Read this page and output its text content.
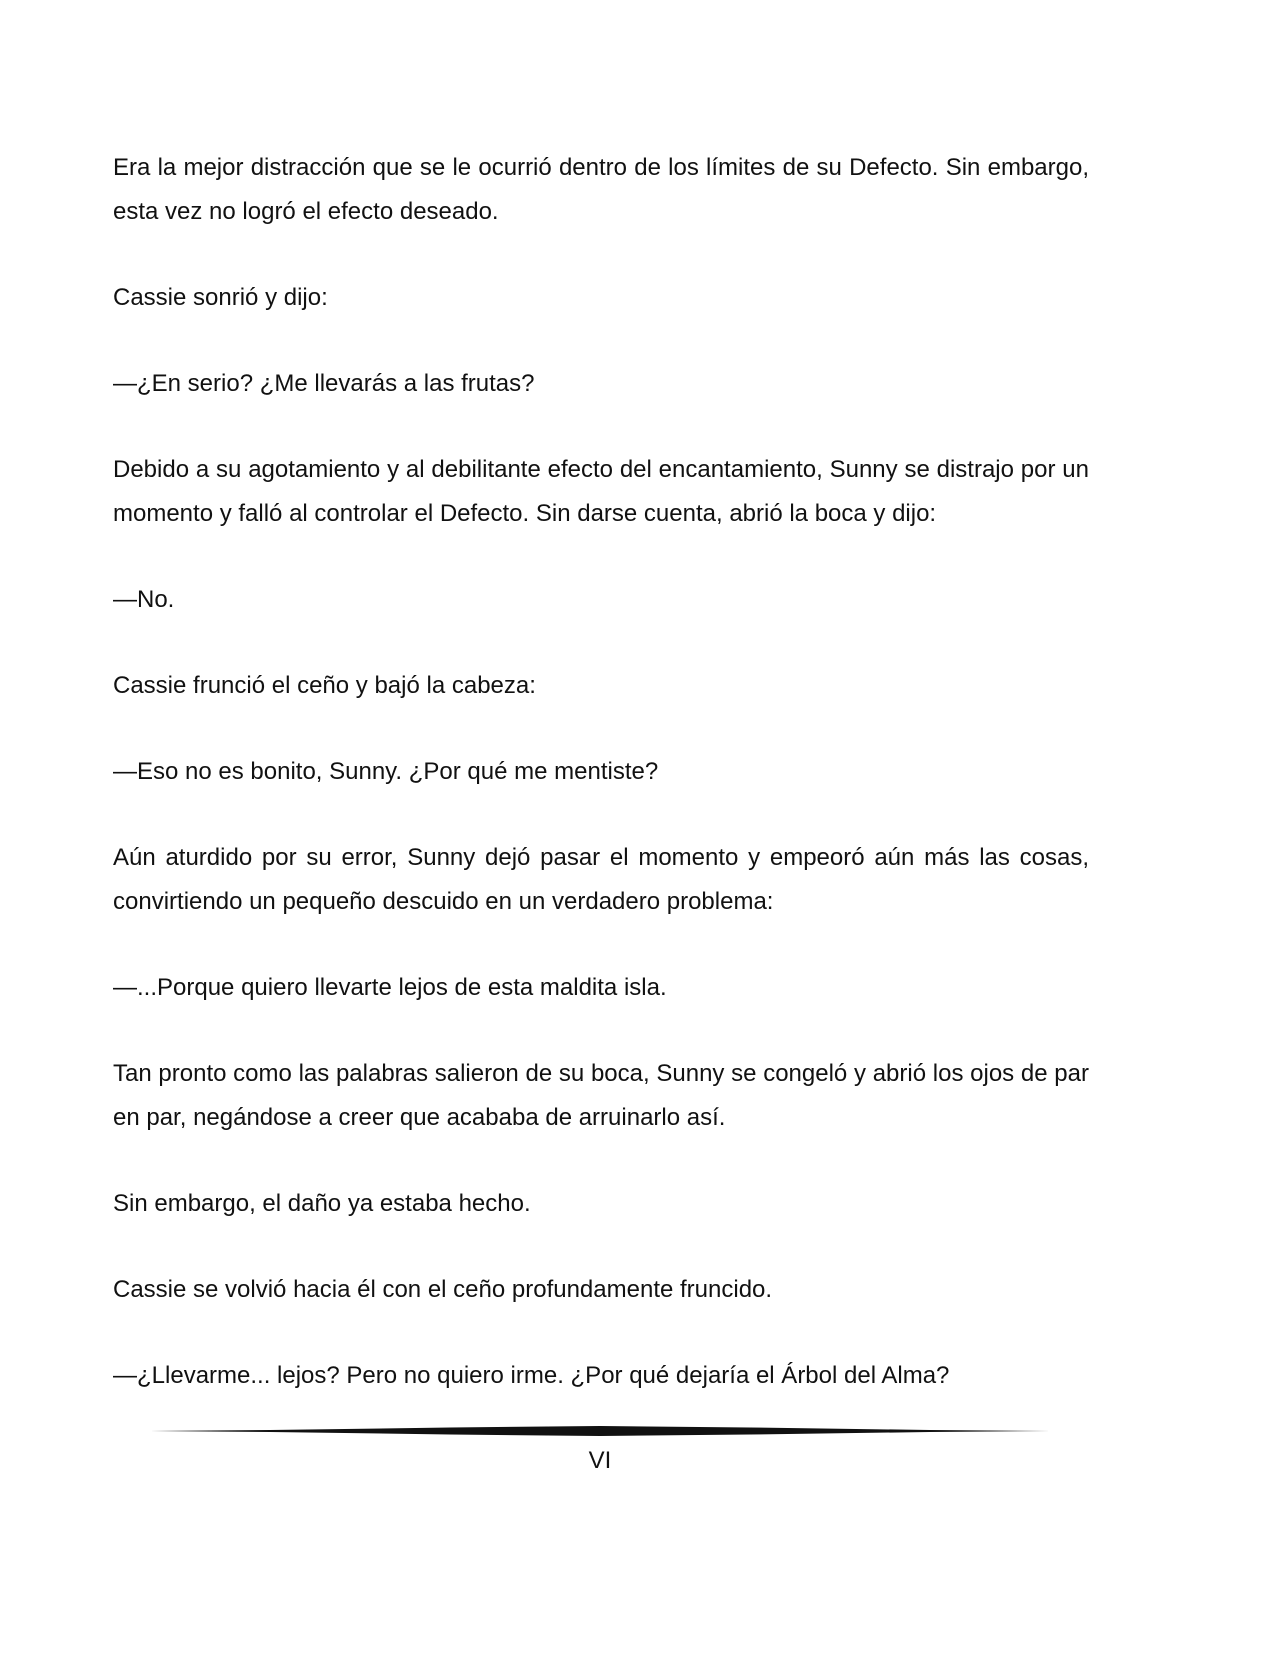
Era la mejor distracción que se le ocurrió dentro de los límites de su Defecto. Sin embargo, esta vez no logró el efecto deseado.

Cassie sonrió y dijo:

—¿En serio? ¿Me llevarás a las frutas?

Debido a su agotamiento y al debilitante efecto del encantamiento, Sunny se distrajo por un momento y falló al controlar el Defecto. Sin darse cuenta, abrió la boca y dijo:

—No.

Cassie frunció el ceño y bajó la cabeza:

—Eso no es bonito, Sunny. ¿Por qué me mentiste?

Aún aturdido por su error, Sunny dejó pasar el momento y empeoró aún más las cosas, convirtiendo un pequeño descuido en un verdadero problema:

—...Porque quiero llevarte lejos de esta maldita isla.

Tan pronto como las palabras salieron de su boca, Sunny se congeló y abrió los ojos de par en par, negándose a creer que acababa de arruinarlo así.

Sin embargo, el daño ya estaba hecho.

Cassie se volvió hacia él con el ceño profundamente fruncido.

—¿Llevarme... lejos? Pero no quiero irme. ¿Por qué dejaría el Árbol del Alma?

VI
